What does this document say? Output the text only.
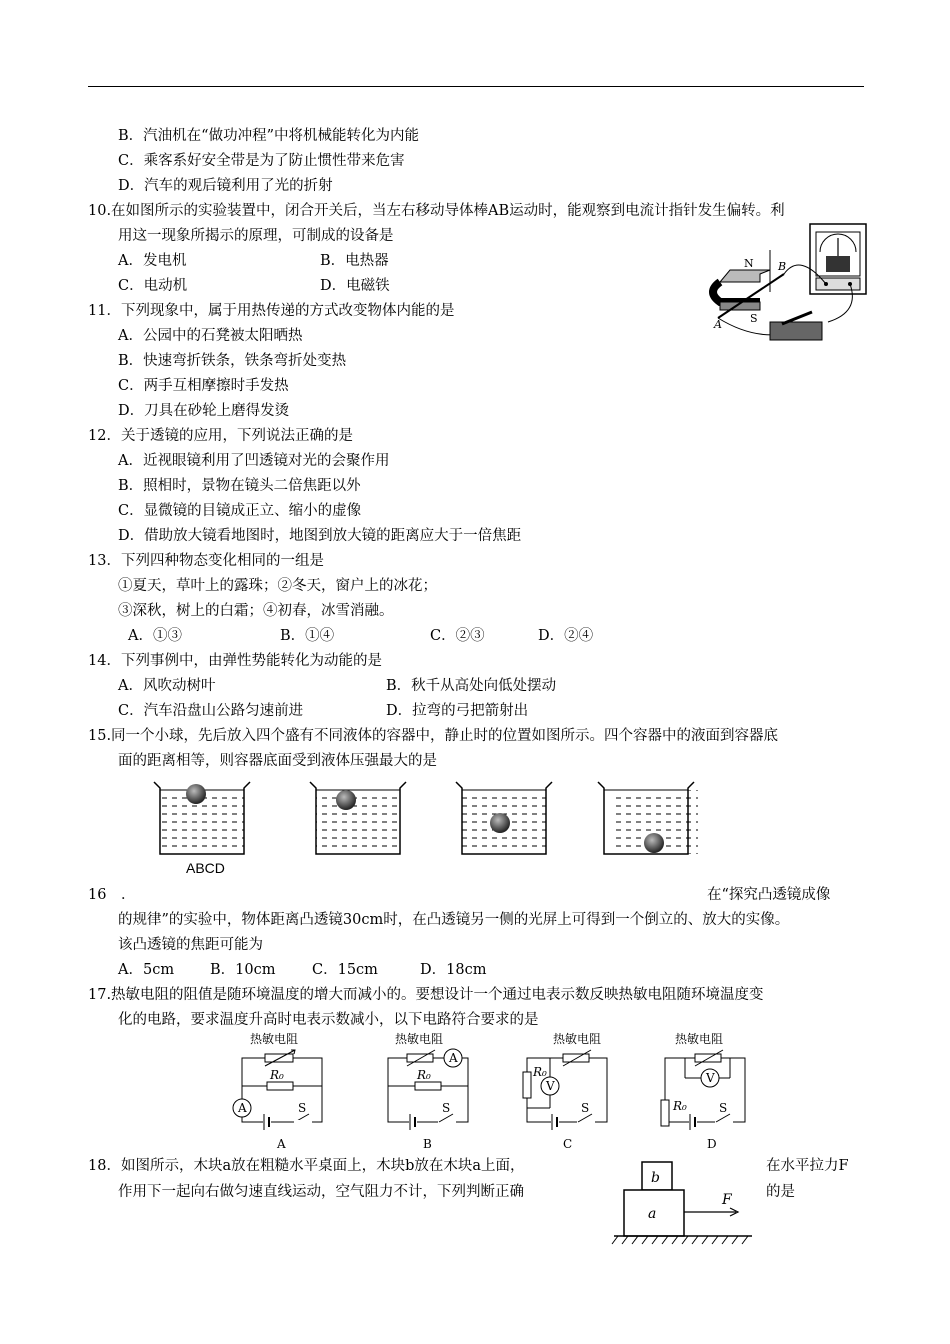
B．汽油机在“做功冲程”中将机械能转化为内能
C．乘客系好安全带是为了防止惯性带来危害
D．汽车的观后镜利用了光的折射
10.在如图所示的实验装置中，闭合开关后，当左右移动导体棒AB运动时，能观察到电流计指针发生偏转。利
用这一现象所揭示的原理，可制成的设备是
A．发电机	B．电热器
C．电动机	D．电磁铁
N
S
A
B
11．下列现象中，属于用热传递的方式改变物体内能的是
A．公园中的石凳被太阳晒热
B．快速弯折铁条，铁条弯折处变热
C．两手互相摩擦时手发热
D．刀具在砂轮上磨得发烫
12．关于透镜的应用，下列说法正确的是
A．近视眼镜利用了凹透镜对光的会聚作用
B．照相时，景物在镜头二倍焦距以外
C．显微镜的目镜成正立、缩小的虚像
D．借助放大镜看地图时，地图到放大镜的距离应大于一倍焦距
13．下列四种物态变化相同的一组是
①夏天，草叶上的露珠；②冬天，窗户上的冰花；
③深秋，树上的白霜；④初春，冰雪消融。
A．①③	B．①④	C．②③	D．②④
14．下列事例中，由弹性势能转化为动能的是
A．风吹动树叶	B．秋千从高处向低处摆动
C．汽车沿盘山公路匀速前进	D．拉弯的弓把箭射出
15.同一个小球，先后放入四个盛有不同液体的容器中，静止时的位置如图所示。四个容器中的液面到容器底
面的距离相等，则容器底面受到液体压强最大的是
ABCD
16　．	在“探究凸透镜成像
的规律”的实验中，物体距离凸透镜30cm时，在凸透镜另一侧的光屏上可得到一个倒立的、放大的实像。
该凸透镜的焦距可能为
A．5cm B．10cm	C．15cm	D．18cm
17.热敏电阻的阻值是随环境温度的增大而减小的。要想设计一个通过电表示数反映热敏电阻随环境温度变
化的电路，要求温度升高时电表示数减小，以下电路符合要求的是
热敏电阻
R₀
A	S
A
热敏电阻
A
R₀
S
B
热敏电阻
R₀
V
S
C
热敏电阻
V
R₀	S
D
18．如图所示，木块a放在粗糙水平桌面上，木块b放在木块a上面，	在水平拉力F
作用下一起向右做匀速直线运动，空气阻力不计，下列判断正确	的是
b
a
F
